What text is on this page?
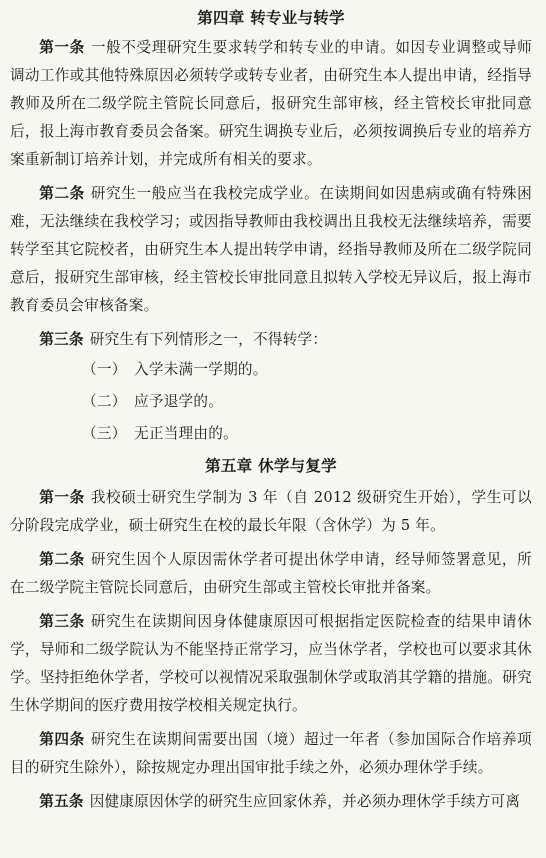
第四章 转专业与转学

第一条 一般不受理研究生要求转学和转专业的申请。如因专业调整或导师调动工作或其他特殊原因必须转学或转专业者，由研究生本人提出申请，经指导教师及所在二级学院主管院长同意后，报研究生部审核，经主管校长审批同意后，报上海市教育委员会备案。研究生调换专业后，必须按调换后专业的培养方案重新制订培养计划，并完成所有相关的要求。

第二条 研究生一般应当在我校完成学业。在读期间如因患病或确有特殊困难，无法继续在我校学习；或因指导教师由我校调出且我校无法继续培养，需要转学至其它院校者，由研究生本人提出转学申请，经指导教师及所在二级学院同意后，报研究生部审核，经主管校长审批同意且拟转入学校无异议后，报上海市教育委员会审核备案。

第三条 研究生有下列情形之一，不得转学：

（一） 入学未满一学期的。

（二） 应予退学的。

（三） 无正当理由的。

第五章 休学与复学

第一条 我校硕士研究生学制为 3 年（自 2012 级研究生开始），学生可以分阶段完成学业，硕士研究生在校的最长年限（含休学）为 5 年。

第二条 研究生因个人原因需休学者可提出休学申请，经导师签署意见，所在二级学院主管院长同意后，由研究生部或主管校长审批并备案。

第三条 研究生在读期间因身体健康原因可根据指定医院检查的结果申请休学，导师和二级学院认为不能坚持正常学习，应当休学者，学校也可以要求其休学。坚持拒绝休学者，学校可以视情况采取强制休学或取消其学籍的措施。研究生休学期间的医疗费用按学校相关规定执行。

第四条 研究生在读期间需要出国（境）超过一年者（参加国际合作培养项目的研究生除外），除按规定办理出国审批手续之外，必须办理休学手续。

第五条 因健康原因休学的研究生应回家休养，并必须办理休学手续方可离
